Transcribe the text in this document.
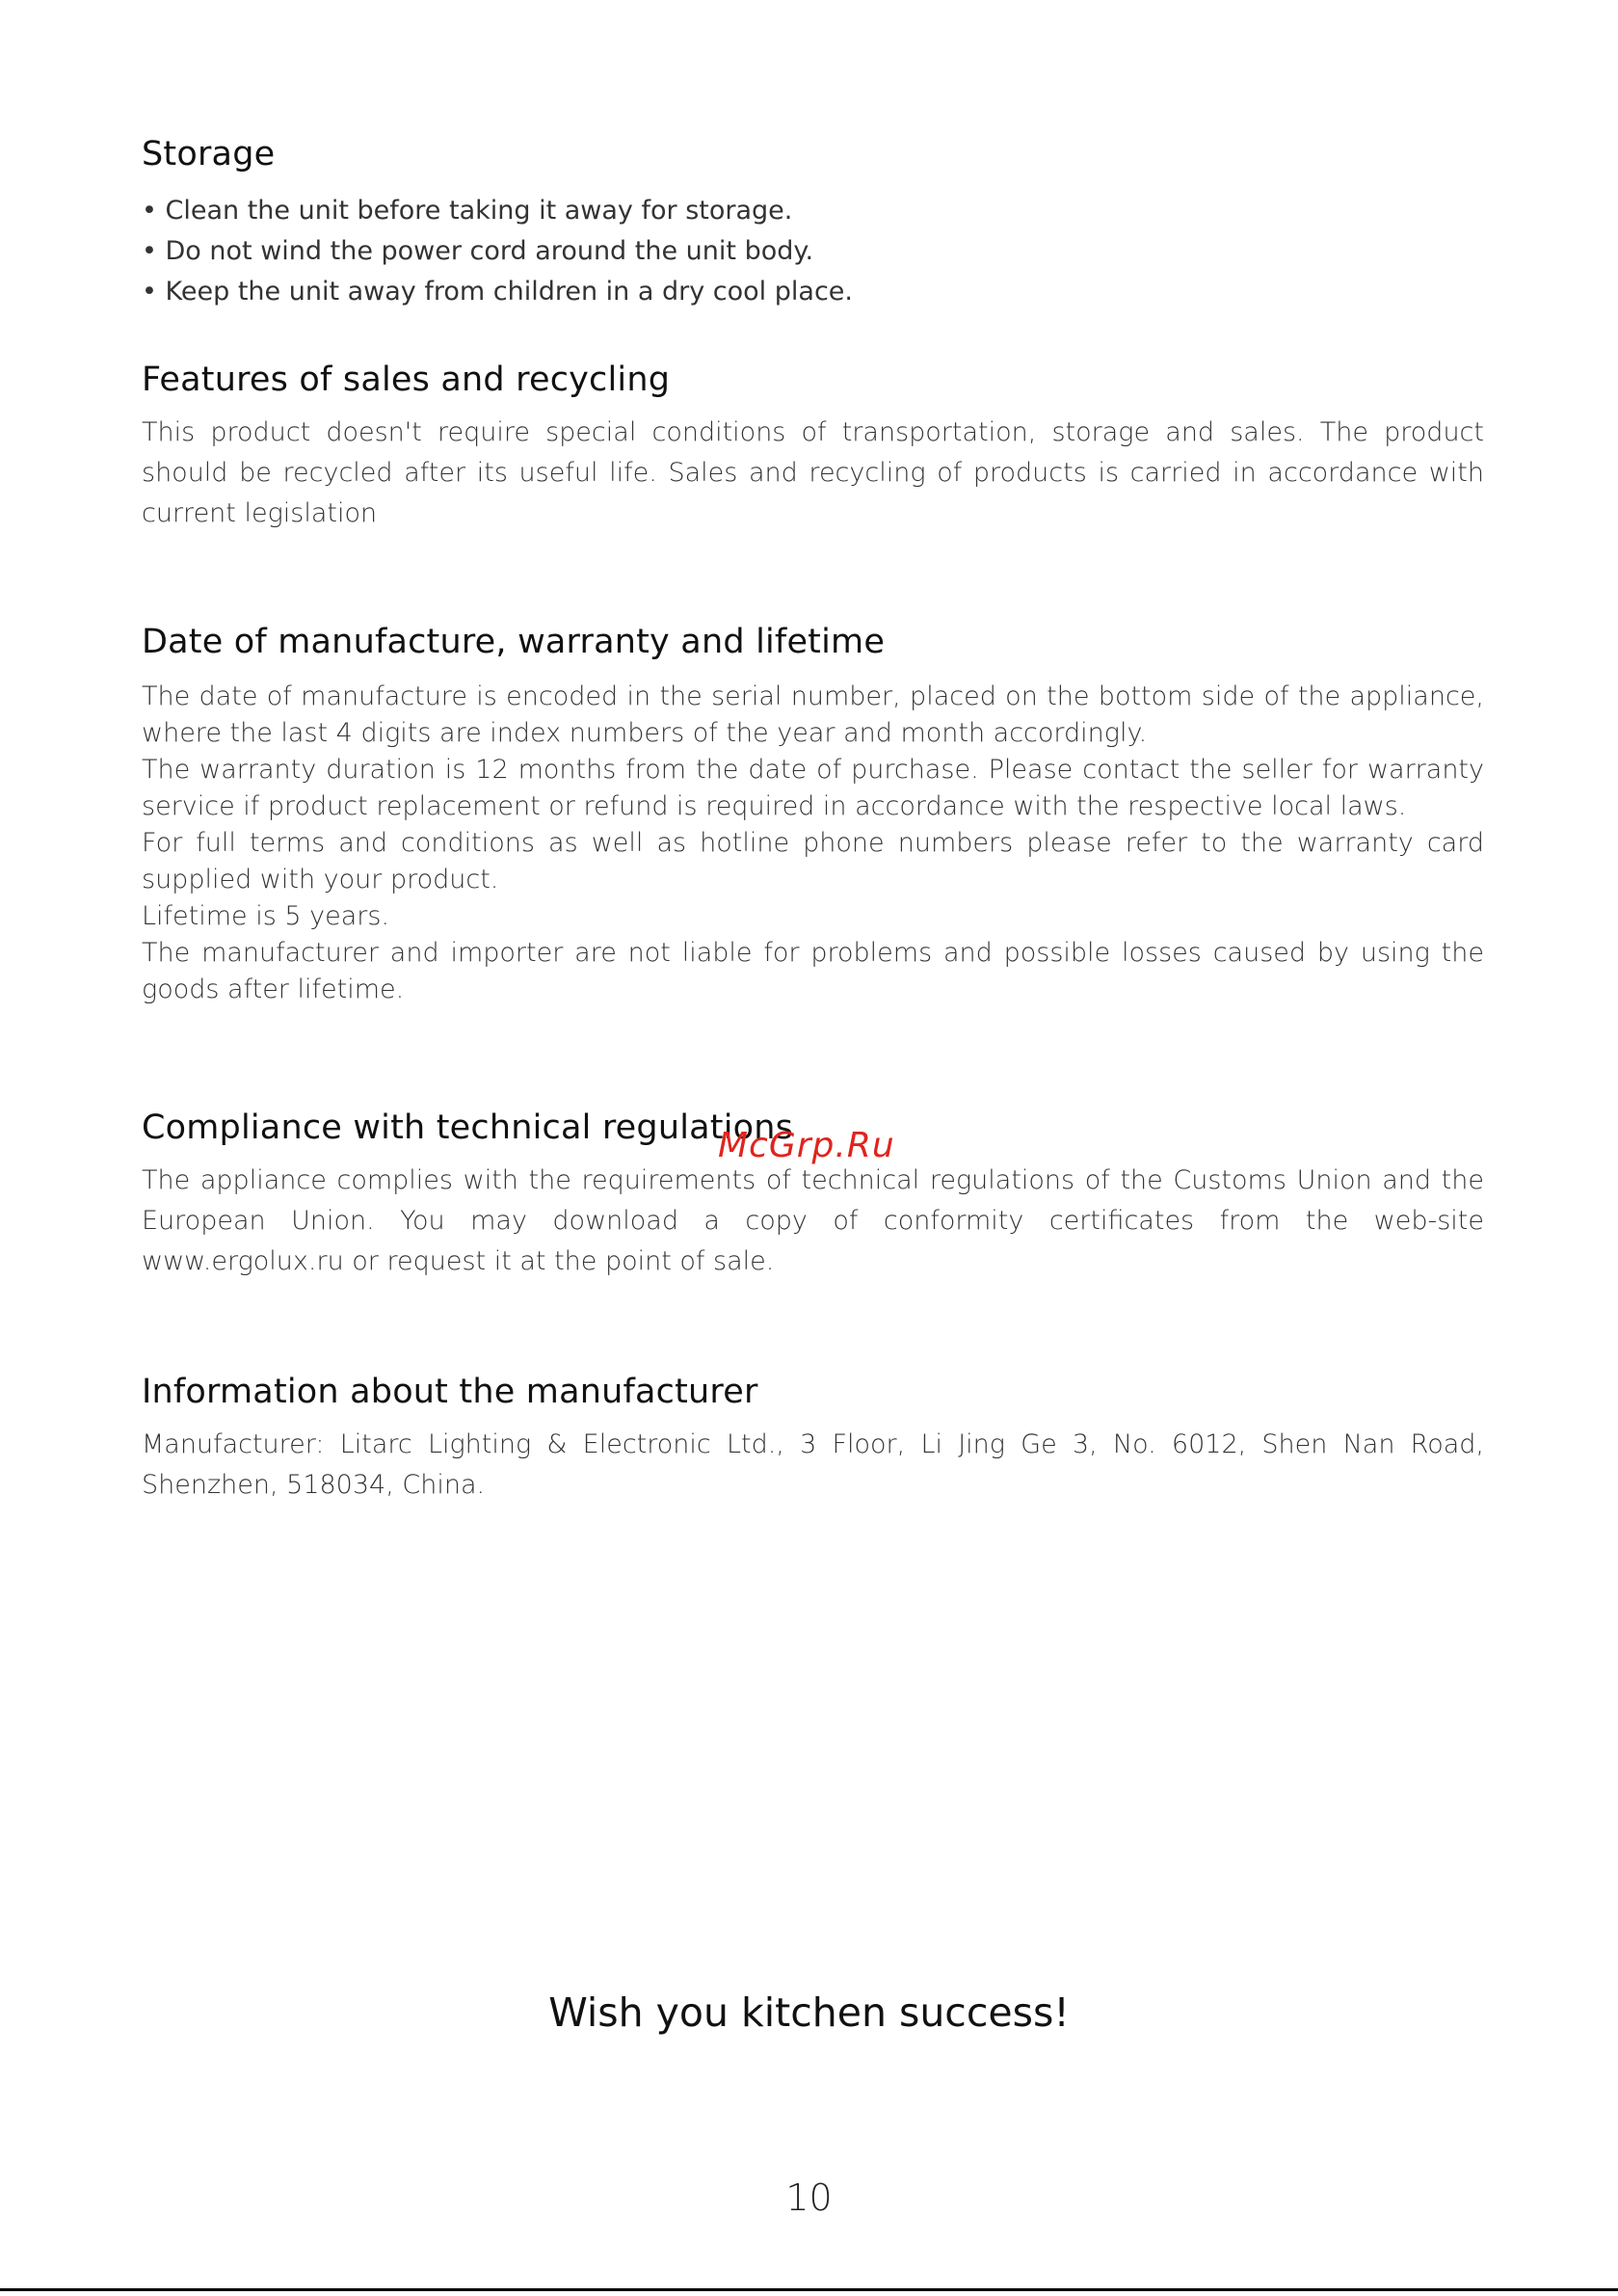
Storage
• Clean the unit before taking it away for storage.
• Do not wind the power cord around the unit body.
• Keep the unit away from children in a dry cool place.
Features of sales and recycling

This product doesn't require special conditions of transportation, storage and sales. The product should be recycled after its useful life. Sales and recycling of products is carried in accordance with current legislation

Date of manufacture, warranty and lifetime

The date of manufacture is encoded in the serial number, placed on the bottom side of the appliance, where the last 4 digits are index numbers of the year and month accordingly.

The warranty duration is 12 months from the date of purchase. Please contact the seller for warranty service if product replacement or refund is required in accordance with the respective local laws.

For full terms and conditions as well as hotline phone numbers please refer to the warranty card supplied with your product.

Lifetime is 5 years.

The manufacturer and importer are not liable for problems and possible losses caused by using the goods after lifetime.

Compliance with technical regulations

The appliance complies with the requirements of technical regulations of the Customs Union and the European Union. You may download a copy of conformity certificates from the web-site www.ergolux.ru or request it at the point of sale.

Information about the manufacturer

Manufacturer: Litarc Lighting & Electronic Ltd., 3 Floor, Li Jing Ge 3, No. 6012, Shen Nan Road, Shenzhen, 518034, China.

McGrp.Ru
Wish you kitchen success!
10
